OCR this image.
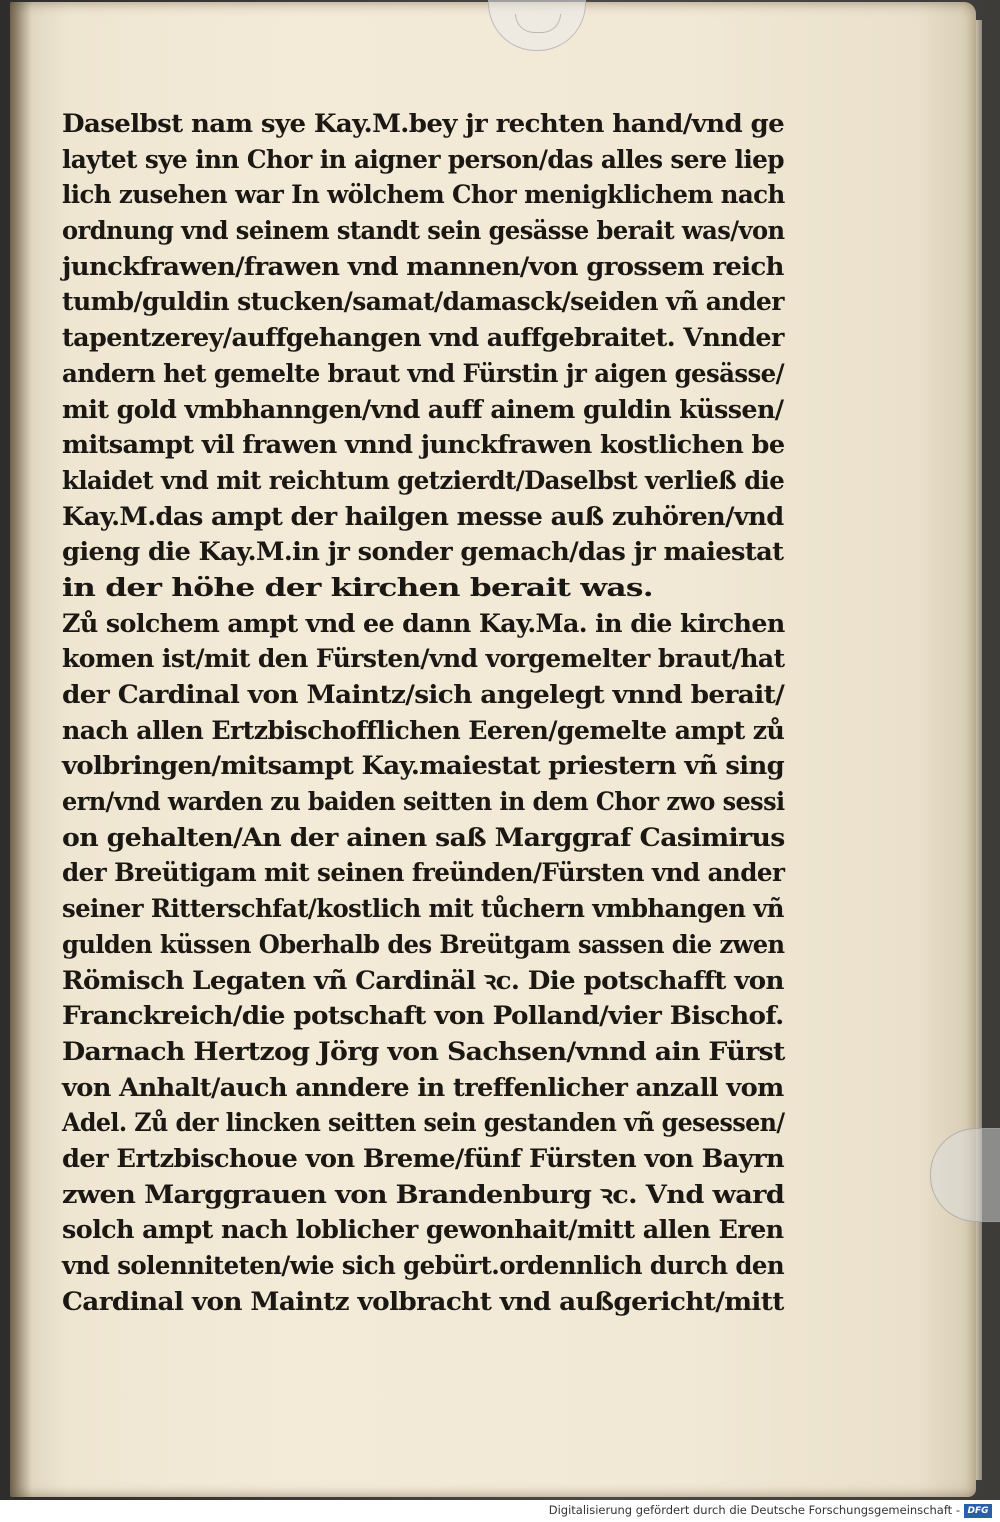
Daselbst nam sye Kay.M.bey jr rechten hand/vnd ge
laytet sye inn Chor in aigner person/das alles sere liep
lich zusehen war In wölchem Chor menigklichem nach
ordnung vnd seinem standt sein gesässe berait was/von
junckfrawen/frawen vnd mannen/von grossem reich
tumb/guldin stucken/samat/damasck/seiden vñ ander
tapentzerey/auffgehangen vnd auffgebraitet. Vnnder
andern het gemelte braut vnd Fürstin jr aigen gesässe/
mit gold vmbhanngen/vnd auff ainem guldin küssen/
mitsampt vil frawen vnnd junckfrawen kostlichen be
klaidet vnd mit reichtum getzierdt/Daselbst verließ die
Kay.M.das ampt der hailgen messe auß zuhören/vnd
gieng die Kay.M.in jr sonder gemach/das jr maiestat
in der höhe der kirchen berait was.
Zů solchem ampt vnd ee dann Kay.Ma. in die kirchen
komen ist/mit den Fürsten/vnd vorgemelter braut/hat
der Cardinal von Maintz/sich angelegt vnnd berait/
nach allen Ertzbischofflichen Eeren/gemelte ampt zů
volbringen/mitsampt Kay.maiestat priestern vñ sing
ern/vnd warden zu baiden seitten in dem Chor zwo sessi
on gehalten/An der ainen saß Marggraf Casimirus
der Breütigam mit seinen freünden/Fürsten vnd ander
seiner Ritterschfat/kostlich mit tůchern vmbhangen vñ
gulden küssen Oberhalb des Breütgam sassen die zwen
Römisch Legaten vñ Cardinäl ꝛc. Die potschafft von
Franckreich/die potschaft von Polland/vier Bischof.
Darnach Hertzog Jörg von Sachsen/vnnd ain Fürst
von Anhalt/auch anndere in treffenlicher anzall vom
Adel. Zů der lincken seitten sein gestanden vñ gesessen/
der Ertzbischoue von Breme/fünf Fürsten von Bayrn
zwen Marggrauen von Brandenburg ꝛc. Vnd ward
solch ampt nach loblicher gewonhait/mitt allen Eren
vnd solenniteten/wie sich gebürt.ordennlich durch den
Cardinal von Maintz volbracht vnd außgericht/mitt
Digitalisierung gefördert durch die Deutsche Forschungsgemeinschaft - DFG
